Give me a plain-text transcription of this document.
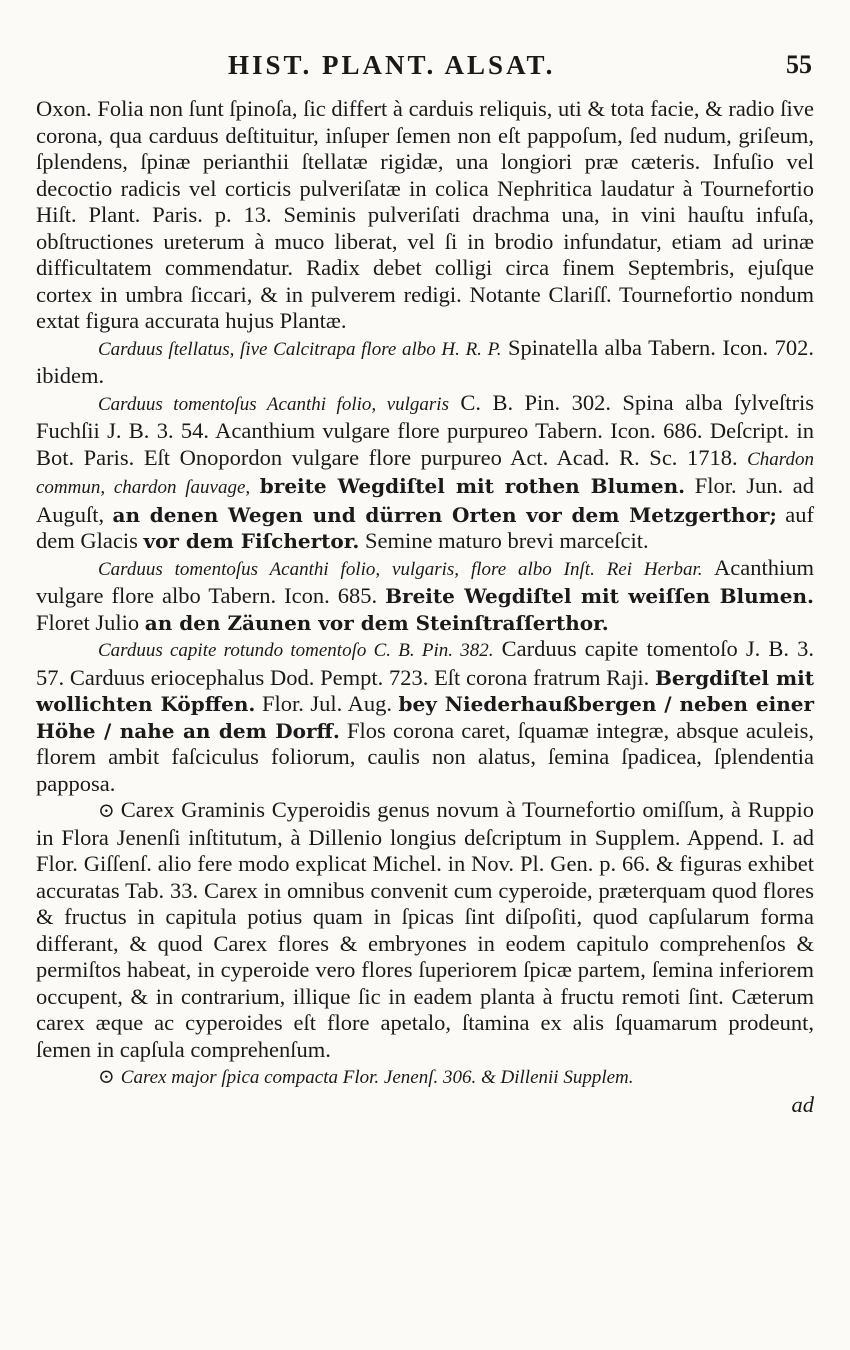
HIST. PLANT. ALSAT.	55

Oxon. Folia non ſunt ſpinoſa, ſic differt à carduis reliquis, uti & tota facie, & radio ſive corona, qua carduus deſtituitur, inſuper ſemen non eſt pappoſum, ſed nudum, griſeum, ſplendens, ſpinæ perianthii ſtellatæ rigidæ, una longiori præ cæteris. Infuſio vel decoctio radicis vel corticis pulveriſatæ in colica Nephritica laudatur à Tournefortio Hiſt. Plant. Paris. p. 13. Seminis pulveriſati drachma una, in vini hauſtu infuſa, obſtructiones ureterum à muco liberat, vel ſi in brodio infundatur, etiam ad urinæ difficultatem commendatur. Radix debet colligi circa finem Septembris, ejuſque cortex in umbra ſiccari, & in pulverem redigi. Notante Clariſſ. Tournefortio nondum extat figura accurata hujus Plantæ.

Carduus ſtellatus, ſive Calcitrapa flore albo H. R. P. Spinatella alba Tabern. Icon. 702. ibidem.

Carduus tomentoſus Acanthi folio, vulgaris C. B. Pin. 302. Spina alba ſylveſtris Fuchſii J. B. 3. 54. Acanthium vulgare flore purpureo Tabern. Icon. 686. Deſcript. in Bot. Paris. Eſt Onopordon vulgare flore purpureo Act. Acad. R. Sc. 1718. Chardon commun, chardon ſauvage, breite Wegdiſtel mit rothen Blumen. Flor. Jun. ad Auguſt, an denen Wegen und dürren Orten vor dem Metzgerthor; auf dem Glacis vor dem Fiſchertor. Semine maturo brevi marceſcit.

Carduus tomentoſus Acanthi folio, vulgaris, flore albo Inſt. Rei Herbar. Acanthium vulgare flore albo Tabern. Icon. 685. Breite Wegdiſtel mit weiſſen Blumen. Floret Julio an den Zäunen vor dem Steinſtraſſerthor.

Carduus capite rotundo tomentoſo C. B. Pin. 382. Carduus capite tomentoſo J. B. 3. 57. Carduus eriocephalus Dod. Pempt. 723. Eſt corona fratrum Raji. Bergdiſtel mit wollichten Köpffen. Flor. Jul. Aug. bey Niederhaußbergen / neben einer Höhe / nahe an dem Dorff. Flos corona caret, ſquamæ integræ, absque aculeis, florem ambit faſciculus foliorum, caulis non alatus, ſemina ſpadicea, ſplendentia papposa.

⊙ Carex Graminis Cyperoidis genus novum à Tournefortio omiſſum, à Ruppio in Flora Jenenſi inſtitutum, à Dillenio longius deſcriptum in Supplem. Append. I. ad Flor. Giſſenſ. alio fere modo explicat Michel. in Nov. Pl. Gen. p. 66. & figuras exhibet accuratas Tab. 33. Carex in omnibus convenit cum cyperoide, præterquam quod flores & fructus in capitula potius quam in ſpicas ſint diſpoſiti, quod capſularum forma differant, & quod Carex flores & embryones in eodem capitulo comprehenſos & permiſtos habeat, in cyperoide vero flores ſuperiorem ſpicæ partem, ſemina inferiorem occupent, & in contrarium, illique ſic in eadem planta à fructu remoti ſint. Cæterum carex æque ac cyperoides eſt flore apetalo, ſtamina ex alis ſquamarum prodeunt, ſemen in capſula comprehenſum.

⊙ Carex major ſpica compacta Flor. Jenenſ. 306. & Dillenii Supplem.

ad
